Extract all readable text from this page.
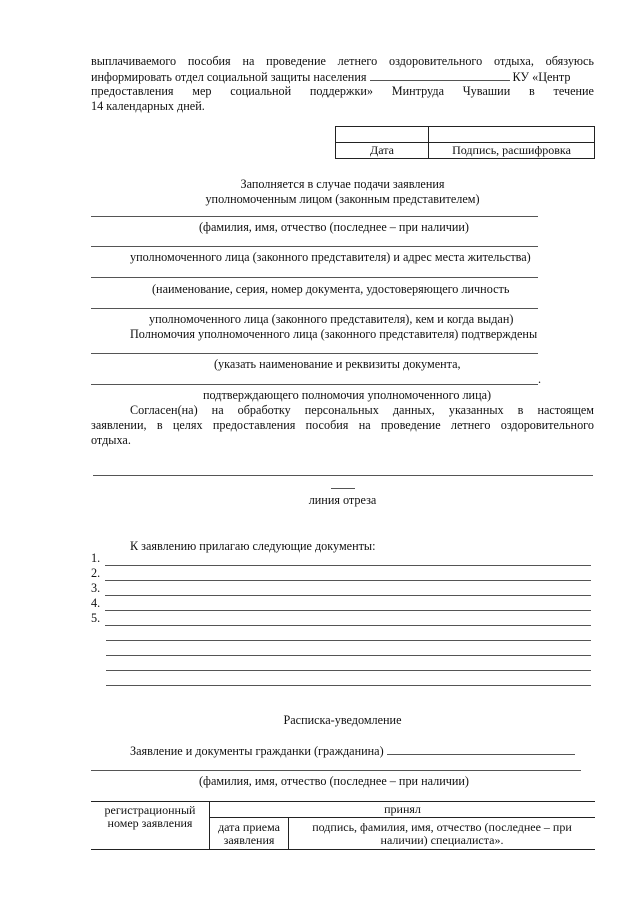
выплачиваемого пособия на проведение летнего оздоровительного отдыха, обязуюсь
информировать отдел социальной защиты населения	КУ «Центр
предоставления мер социальной поддержки» Минтруда Чувашии в течение
14 календарных дней.

Дата	Подпись, расшифровка
Заполняется в случае подачи заявления
уполномоченным лицом (законным представителем)
(фамилия, имя, отчество (последнее – при наличии)
уполномоченного лица (законного представителя) и адрес места жительства)
(наименование, серия, номер документа, удостоверяющего личность
уполномоченного лица (законного представителя), кем и когда выдан)
Полномочия уполномоченного лица (законного представителя) подтверждены
(указать наименование и реквизиты документа,
.
подтверждающего полномочия уполномоченного лица)
Согласен(на) на обработку персональных данных, указанных в настоящем
заявлении, в целях предоставления пособия на проведение летнего оздоровительного
отдыха.
линия отреза
К заявлению прилагаю следующие документы:
1.
2.
3.
4.
5.
Расписка-уведомление
Заявление и документы гражданки (гражданина)
(фамилия, имя, отчество (последнее – при наличии)
регистрационный номер заявления	принял	
	дата приема заявления	подпись, фамилия, имя, отчество (последнее – при наличии) специалиста».
